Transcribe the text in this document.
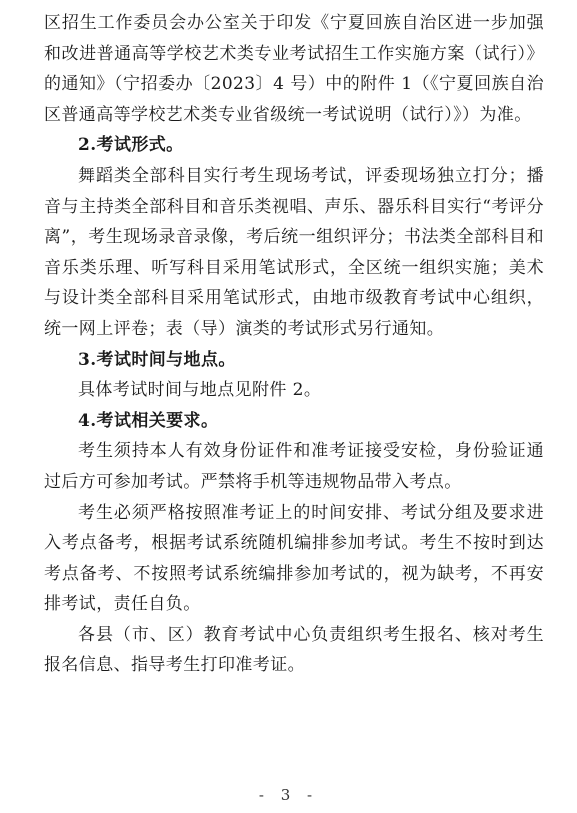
区招生工作委员会办公室关于印发《宁夏回族自治区进一步加强和改进普通高等学校艺术类专业考试招生工作实施方案（试行）》的通知》（宁招委办〔2023〕4 号）中的附件 1（《宁夏回族自治区普通高等学校艺术类专业省级统一考试说明（试行）》）为准。

2.考试形式。

舞蹈类全部科目实行考生现场考试，评委现场独立打分；播音与主持类全部科目和音乐类视唱、声乐、器乐科目实行“考评分离”，考生现场录音录像，考后统一组织评分；书法类全部科目和音乐类乐理、听写科目采用笔试形式，全区统一组织实施；美术与设计类全部科目采用笔试形式，由地市级教育考试中心组织，统一网上评卷；表（导）演类的考试形式另行通知。

3.考试时间与地点。

具体考试时间与地点见附件 2。

4.考试相关要求。

考生须持本人有效身份证件和准考证接受安检，身份验证通过后方可参加考试。严禁将手机等违规物品带入考点。

考生必须严格按照准考证上的时间安排、考试分组及要求进入考点备考，根据考试系统随机编排参加考试。考生不按时到达考点备考、不按照考试系统编排参加考试的，视为缺考，不再安排考试，责任自负。

各县（市、区）教育考试中心负责组织考生报名、核对考生报名信息、指导考生打印准考证。

- 3 -
